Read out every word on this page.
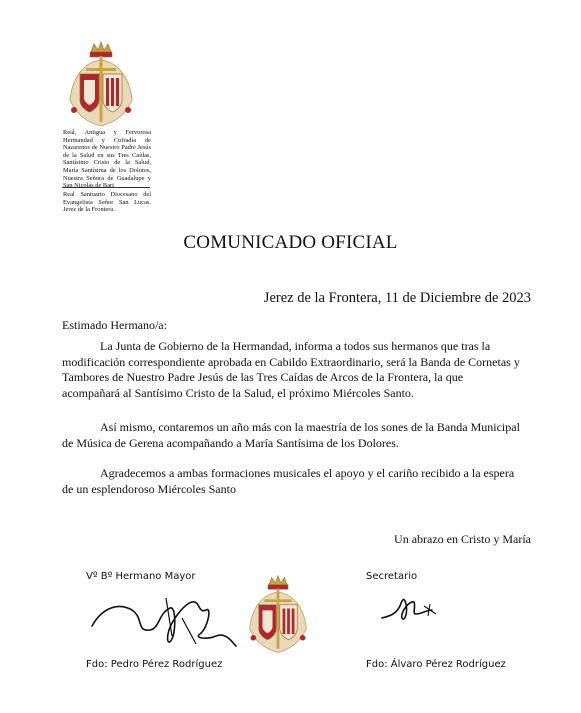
Real, Antigua y Fervorosa Hermandad y Cofradía de Nazarenos de Nuestro Padre Jesús de la Salud en sus Tres Caídas, Santísimo Cristo de la Salud, María Santísima de los Dolores, Nuestra Señora de Guadalupe y San Nicolás de Bari
Real Santuario Diocesano del Evangelista Señor San Lucas. Jerez de la Frontera.
COMUNICADO OFICIAL
Jerez de la Frontera, 11 de Diciembre de 2023
Estimado Hermano/a:

La Junta de Gobierno de la Hermandad, informa a todos sus hermanos que tras la modificación correspondiente aprobada en Cabildo Extraordinario, será la Banda de Cornetas y Tambores de Nuestro Padre Jesús de las Tres Caídas de Arcos de la Frontera, la que acompañará al Santísimo Cristo de la Salud, el próximo Miércoles Santo.

Así mismo, contaremos un año más con la maestría de los sones de la Banda Municipal de Música de Gerena acompañando a María Santísima de los Dolores.

Agradecemos a ambas formaciones musicales el apoyo y el cariño recibido a la espera de un esplendoroso Miércoles Santo

Un abrazo en Cristo y María
Vº Bº Hermano Mayor	Secretario
Fdo: Pedro Pérez Rodríguez	Fdo: Álvaro Pérez Rodríguez
